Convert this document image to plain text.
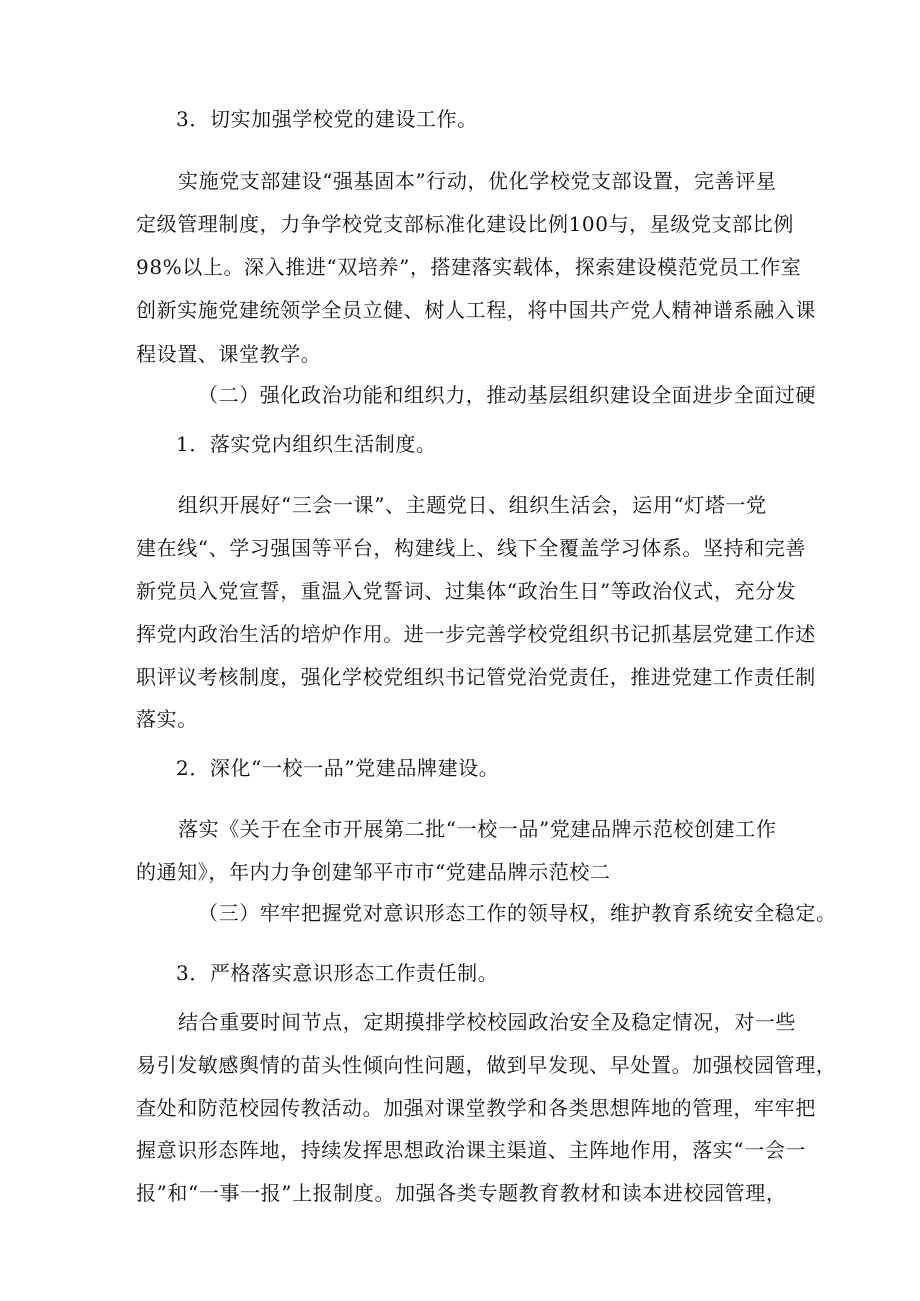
3．切实加强学校党的建设工作。
实施党支部建设“强基固本”行动，优化学校党支部设置，完善评星
定级管理制度，力争学校党支部标准化建设比例100与，星级党支部比例
98%以上。深入推进“双培养”，搭建落实载体，探索建设模范党员工作室
创新实施党建统领学全员立健、树人工程，将中国共产党人精神谱系融入课
程设置、课堂教学。
（二）强化政治功能和组织力，推动基层组织建设全面进步全面过硬
1．落实党内组织生活制度。
组织开展好“三会一课”、主题党日、组织生活会，运用“灯塔一党
建在线“、学习强国等平台，构建线上、线下全覆盖学习体系。坚持和完善
新党员入党宣誓，重温入党誓词、过集体“政治生日”等政治仪式，充分发
挥党内政治生活的培炉作用。进一步完善学校党组织书记抓基层党建工作述
职评议考核制度，强化学校党组织书记管党治党责任，推进党建工作责任制
落实。
2．深化“一校一品”党建品牌建设。
落实《关于在全市开展第二批“一校一品”党建品牌示范校创建工作
的通知》，年内力争创建邹平市市“党建品牌示范校二
（三）牢牢把握党对意识形态工作的领导权，维护教育系统安全稳定。
3．严格落实意识形态工作责任制。
结合重要时间节点，定期摸排学校校园政治安全及稳定情况，对一些
易引发敏感舆情的苗头性倾向性问题，做到早发现、早处置。加强校园管理，
查处和防范校园传教活动。加强对课堂教学和各类思想阵地的管理，牢牢把
握意识形态阵地，持续发挥思想政治课主渠道、主阵地作用，落实“一会一
报”和“一事一报”上报制度。加强各类专题教育教材和读本进校园管理，
